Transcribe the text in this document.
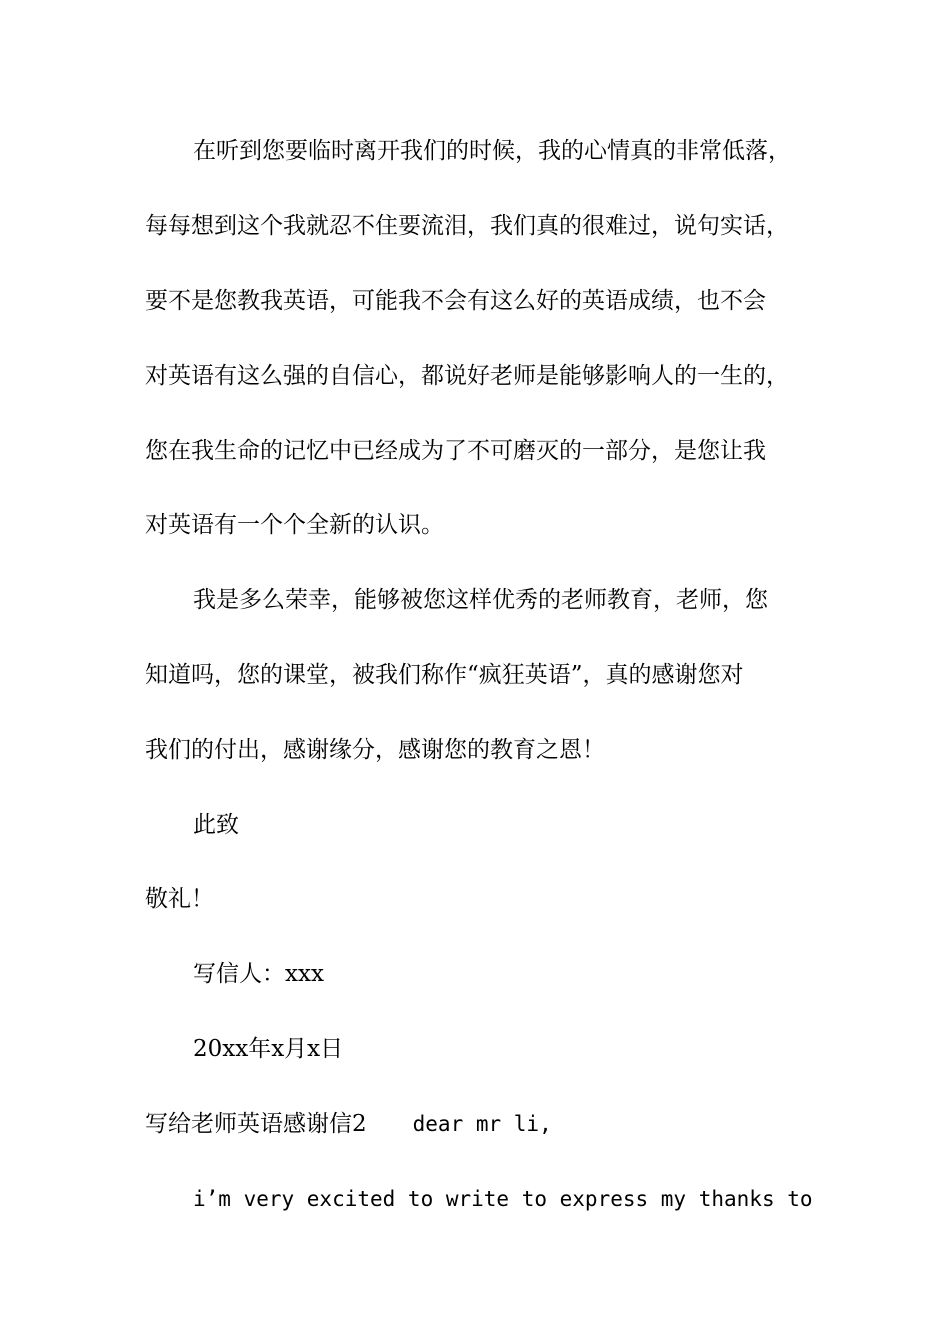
在听到您要临时离开我们的时候，我的心情真的非常低落，
每每想到这个我就忍不住要流泪，我们真的很难过，说句实话，
要不是您教我英语，可能我不会有这么好的英语成绩，也不会
对英语有这么强的自信心，都说好老师是能够影响人的一生的，
您在我生命的记忆中已经成为了不可磨灭的一部分，是您让我
对英语有一个个全新的认识。
我是多么荣幸，能够被您这样优秀的老师教育，老师，您
知道吗，您的课堂，被我们称作“疯狂英语”，真的感谢您对
我们的付出，感谢缘分，感谢您的教育之恩！
此致
敬礼！
写信人：xxx
20xx年x月x日
写给老师英语感谢信2 dear mr li,
i’m very excited to write to express my thanks to
